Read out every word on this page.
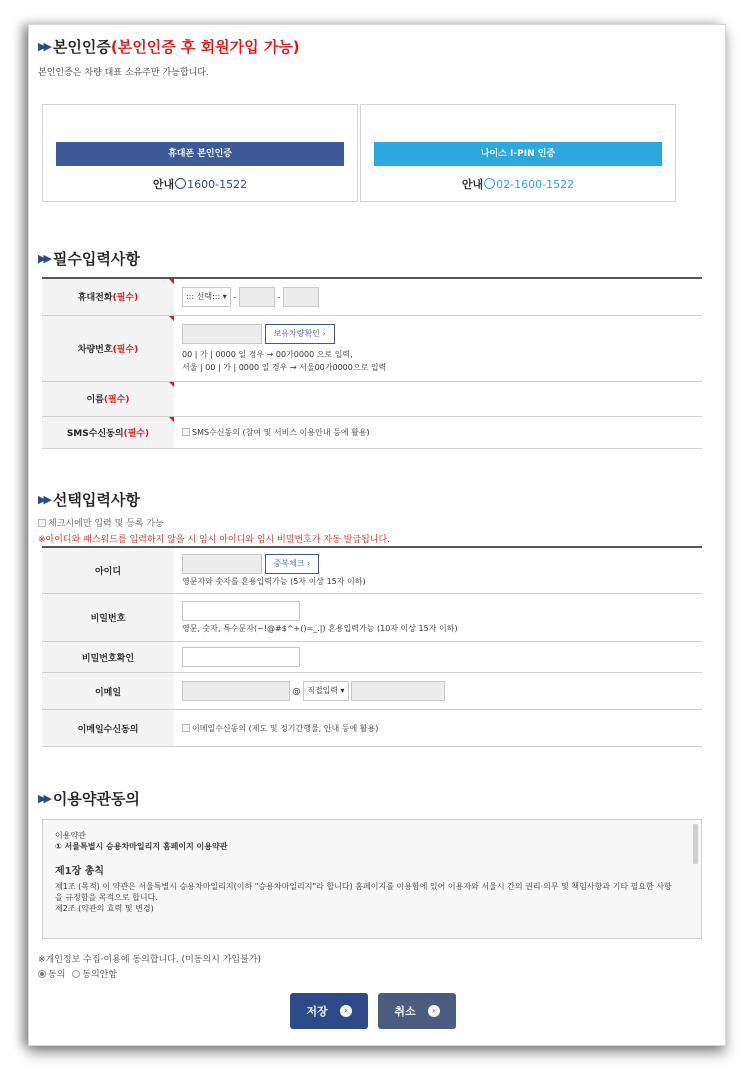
▶▶ 본인인증 (본인인증 후 회원가입 가능)
본인인증은 차량 대표 소유주만 가능합니다.
휴대폰 본인인증
안내 1600-1522
나이스 I-PIN 인증
안내 02-1600-1522
▶▶ 필수입력사항
휴대전화(필수)	::: 선택::: ▾ - -
차량번호(필수)	보유차량확인 ›
00 | 가 | 0000 일 경우 → 00가0000 으로 입력,
서울 | 00 | 가 | 0000 일 경우 → 서울00가0000으로 입력

이름(필수)

SMS수신동의(필수)	SMS수신동의 (참여 및 서비스 이용안내 등에 활용)
▶▶ 선택입력사항
체크시에만 입력 및 등록 가능
※아이디와 패스워드를 입력하지 않을 시 임시 아이디와 임시 비밀번호가 자동 발급됩니다.
아이디	중복체크 ›
영문자와 숫자를 혼용입력가능 (5자 이상 15자 이하)

비밀번호	영문, 숫자, 특수문자(~!@#$^+()=_.|) 혼용입력가능 (10자 이상 15자 이하)

비밀번호확인	
이메일	@ 직접입력 ▾
이메일수신동의	이메일수신동의 (제도 및 정기간행물, 안내 등에 활용)
▶▶ 이용약관동의
이용약관
① 서울특별시 승용차마일리지 홈페이지 이용약관
제1장 총칙
제1조 (목적) 이 약관은 서울특별시 승용차마일리지(이하 "승용차마일리지"라 합니다) 홈페이지를 이용함에 있어 이용자와 서울시 간의 권리·의무 및 책임사항과 기타 필요한 사항
을 규정함을 목적으로 합니다.
제2조 (약관의 효력 및 변경)
※개인정보 수집·이용에 동의합니다. (미동의시 가입불가)
동의 동의안함
저장	›	취소	›
